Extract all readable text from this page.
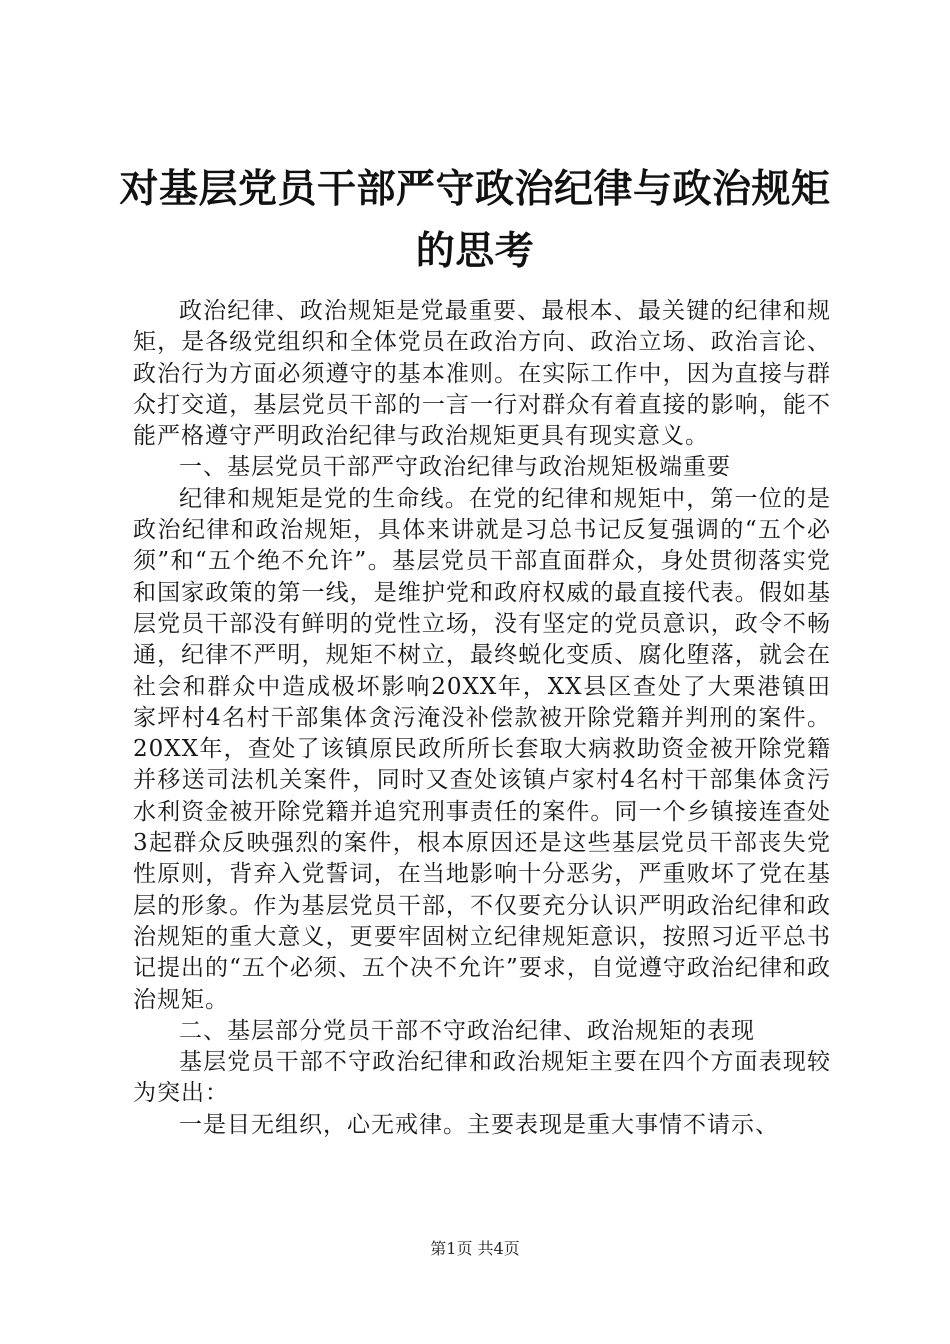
对基层党员干部严守政治纪律与政治规矩的思考

政治纪律、政治规矩是党最重要、最根本、最关键的纪律和规矩，是各级党组织和全体党员在政治方向、政治立场、政治言论、政治行为方面必须遵守的基本准则。在实际工作中，因为直接与群众打交道，基层党员干部的一言一行对群众有着直接的影响，能不能严格遵守严明政治纪律与政治规矩更具有现实意义。

一、基层党员干部严守政治纪律与政治规矩极端重要

纪律和规矩是党的生命线。在党的纪律和规矩中，第一位的是政治纪律和政治规矩，具体来讲就是习总书记反复强调的“五个必须”和“五个绝不允许”。基层党员干部直面群众，身处贯彻落实党和国家政策的第一线，是维护党和政府权威的最直接代表。假如基层党员干部没有鲜明的党性立场，没有坚定的党员意识，政令不畅通，纪律不严明，规矩不树立，最终蜕化变质、腐化堕落，就会在社会和群众中造成极坏影响20XX年，XX县区查处了大栗港镇田家坪村4名村干部集体贪污淹没补偿款被开除党籍并判刑的案件。20XX年，查处了该镇原民政所所长套取大病救助资金被开除党籍并移送司法机关案件，同时又查处该镇卢家村4名村干部集体贪污水利资金被开除党籍并追究刑事责任的案件。同一个乡镇接连查处3起群众反映强烈的案件，根本原因还是这些基层党员干部丧失党性原则，背弃入党誓词，在当地影响十分恶劣，严重败坏了党在基层的形象。作为基层党员干部，不仅要充分认识严明政治纪律和政治规矩的重大意义，更要牢固树立纪律规矩意识，按照习近平总书记提出的“五个必须、五个决不允许”要求，自觉遵守政治纪律和政治规矩。

二、基层部分党员干部不守政治纪律、政治规矩的表现

基层党员干部不守政治纪律和政治规矩主要在四个方面表现较为突出：

一是目无组织，心无戒律。主要表现是重大事情不请示、

第1页 共4页
